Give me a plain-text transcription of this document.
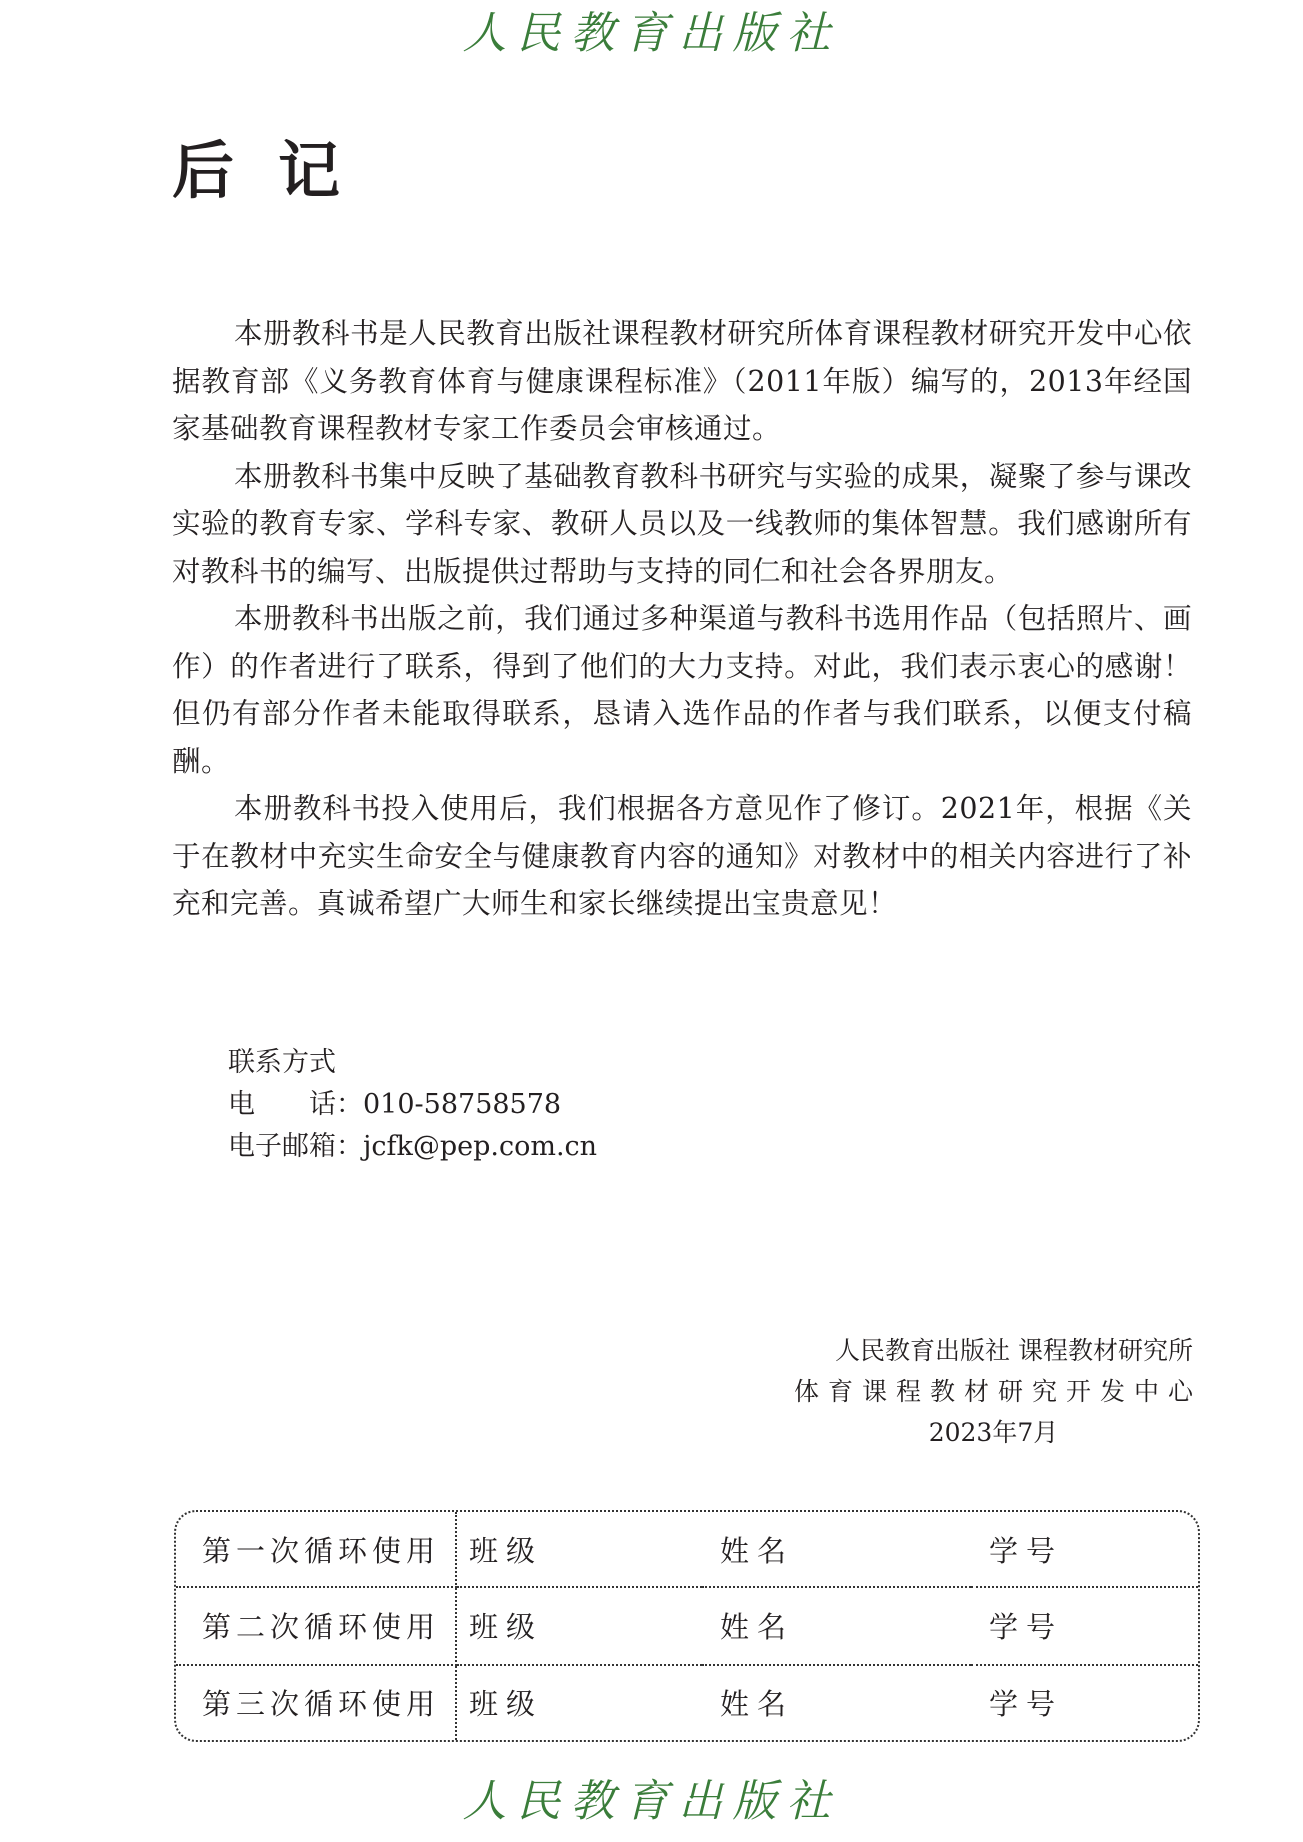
人民教育出版社
后记

本册教科书是人民教育出版社课程教材研究所体育课程教材研究开发中心依据教育部《义务教育体育与健康课程标准》（2011年版）编写的，2013年经国家基础教育课程教材专家工作委员会审核通过。

本册教科书集中反映了基础教育教科书研究与实验的成果，凝聚了参与课改实验的教育专家、学科专家、教研人员以及一线教师的集体智慧。我们感谢所有对教科书的编写、出版提供过帮助与支持的同仁和社会各界朋友。

本册教科书出版之前，我们通过多种渠道与教科书选用作品（包括照片、画作）的作者进行了联系，得到了他们的大力支持。对此，我们表示衷心的感谢！但仍有部分作者未能取得联系，恳请入选作品的作者与我们联系，以便支付稿酬。

本册教科书投入使用后，我们根据各方意见作了修订。2021年，根据《关于在教材中充实生命安全与健康教育内容的通知》对教材中的相关内容进行了补充和完善。真诚希望广大师生和家长继续提出宝贵意见！

联系方式
电　　话：010-58758578
电子邮箱：jcfk@pep.com.cn
人民教育出版社 课程教材研究所
体育课程教材研究开发中心
2023年7月
第一次循环使用	班级	姓名	学号
第二次循环使用	班级	姓名	学号
第三次循环使用	班级	姓名	学号
人民教育出版社
